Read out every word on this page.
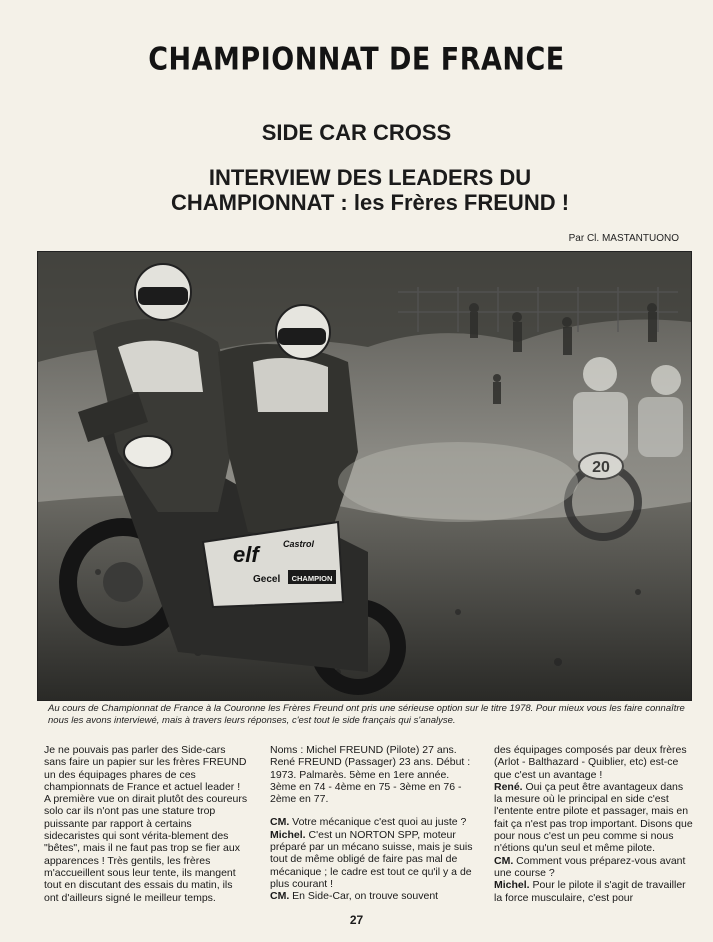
CHAMPIONNAT DE FRANCE
SIDE CAR CROSS
INTERVIEW DES LEADERS DU
CHAMPIONNAT : les Frères FREUND !
Par Cl. MASTANTUONO
20
elf	Castrol
Gecel CHAMPION
Au cours de Championnat de France à la Couronne les Frères Freund ont pris une sérieuse option sur le titre 1978. Pour mieux vous les faire connaître nous les avons interviewé, mais à travers leurs réponses, c'est tout le side français qui s'analyse.

Je ne pouvais pas parler des Side-cars sans faire un papier sur les frères FREUND un des équipages phares de ces championnats de France et actuel leader ! A première vue on dirait plutôt des coureurs solo car ils n'ont pas une stature trop puissante par rapport à certains sidecaristes qui sont vérita-blement des "bêtes", mais il ne faut pas trop se fier aux apparences ! Très gentils, les frères m'accueillent sous leur tente, ils mangent tout en discutant des essais du matin, ils ont d'ailleurs signé le meilleur temps.

Noms : Michel FREUND (Pilote) 27 ans. René FREUND (Passager) 23 ans. Début : 1973. Palmarès. 5ème en 1ere année. 3ème en 74 - 4ème en 75 - 3ème en 76 - 2ème en 77.

CM. Votre mécanique c'est quoi au juste ?

Michel. C'est un NORTON SPP, moteur préparé par un mécano suisse, mais je suis tout de même obligé de faire pas mal de mécanique ; le cadre est tout ce qu'il y a de plus courant !

CM. En Side-Car, on trouve souvent

des équipages composés par deux frères (Arlot - Balthazard - Quiblier, etc) est-ce que c'est un avantage !

René. Oui ça peut être avantageux dans la mesure où le principal en side c'est l'entente entre pilote et passager, mais en fait ça n'est pas trop important. Disons que pour nous c'est un peu comme si nous n'étions qu'un seul et même pilote.

CM. Comment vous préparez-vous avant une course ?

Michel. Pour le pilote il s'agit de travailler la force musculaire, c'est pour

27
